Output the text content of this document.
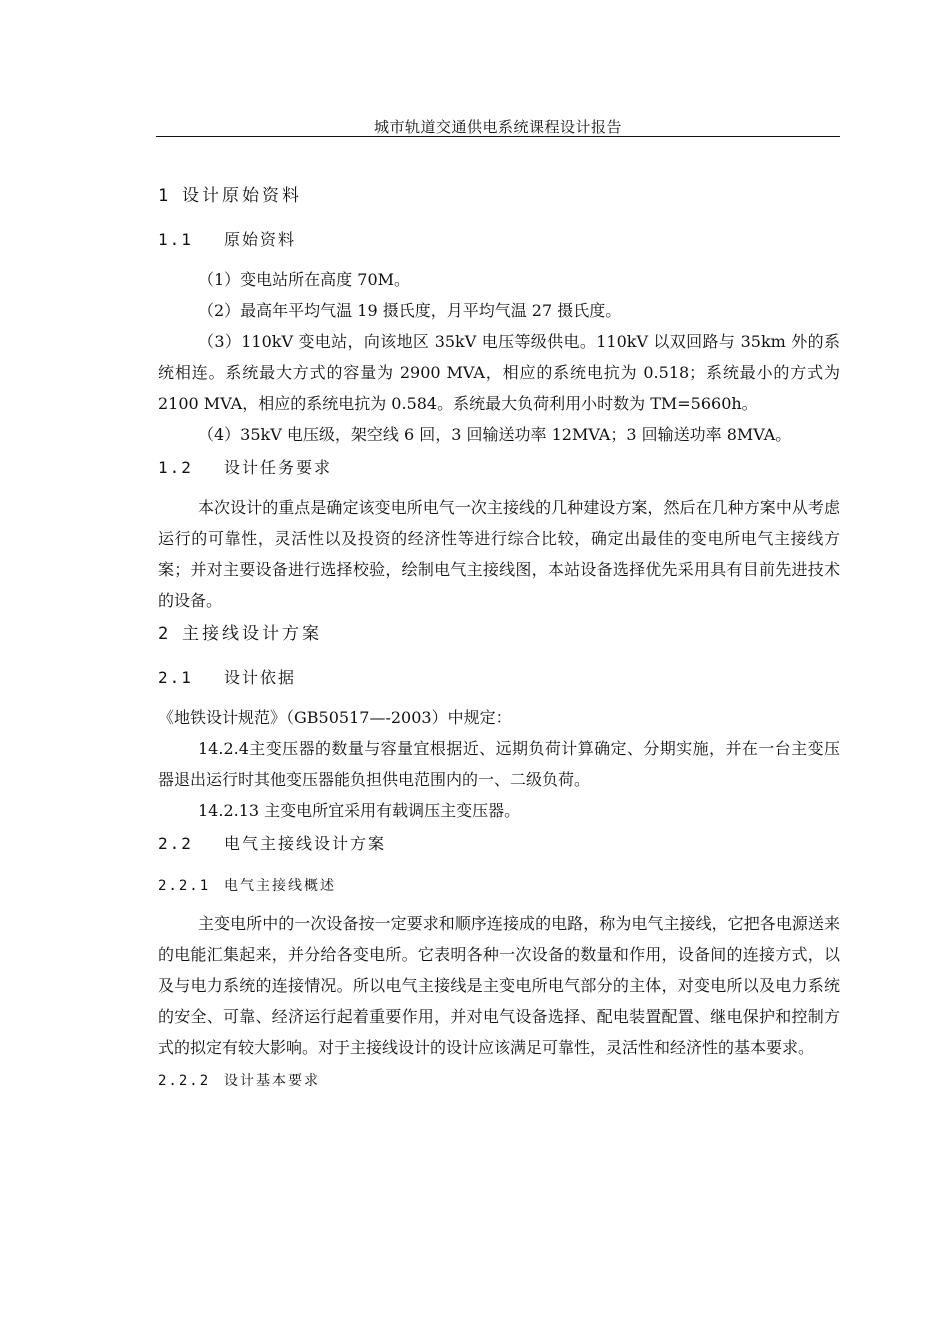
城市轨道交通供电系统课程设计报告
1 设计原始资料
1.1 原始资料

（1）变电站所在高度 70M。

（2）最高年平均气温 19 摄氏度，月平均气温 27 摄氏度。

（3）110kV 变电站，向该地区 35kV 电压等级供电。110kV 以双回路与 35km 外的系统相连。系统最大方式的容量为 2900 MVA，相应的系统电抗为 0.518；系统最小的方式为 2100 MVA，相应的系统电抗为 0.584。系统最大负荷利用小时数为 TM=5660h。

（4）35kV 电压级，架空线 6 回，3 回输送功率 12MVA；3 回输送功率 8MVA。

1.2 设计任务要求

本次设计的重点是确定该变电所电气一次主接线的几种建设方案，然后在几种方案中从考虑运行的可靠性，灵活性以及投资的经济性等进行综合比较，确定出最佳的变电所电气主接线方案；并对主要设备进行选择校验，绘制电气主接线图，本站设备选择优先采用具有目前先进技术的设备。

2 主接线设计方案
2.1 设计依据

《地铁设计规范》（GB50517—-2003）中规定：

14.2.4主变压器的数量与容量宜根据近、远期负荷计算确定、分期实施，并在一台主变压器退出运行时其他变压器能负担供电范围内的一、二级负荷。

14.2.13 主变电所宜采用有载调压主变压器。

2.2 电气主接线设计方案
2.2.1 电气主接线概述

主变电所中的一次设备按一定要求和顺序连接成的电路，称为电气主接线，它把各电源送来的电能汇集起来，并分给各变电所。它表明各种一次设备的数量和作用，设备间的连接方式，以及与电力系统的连接情况。所以电气主接线是主变电所电气部分的主体，对变电所以及电力系统的安全、可靠、经济运行起着重要作用，并对电气设备选择、配电装置配置、继电保护和控制方式的拟定有较大影响。对于主接线设计的设计应该满足可靠性，灵活性和经济性的基本要求。

2.2.2 设计基本要求
